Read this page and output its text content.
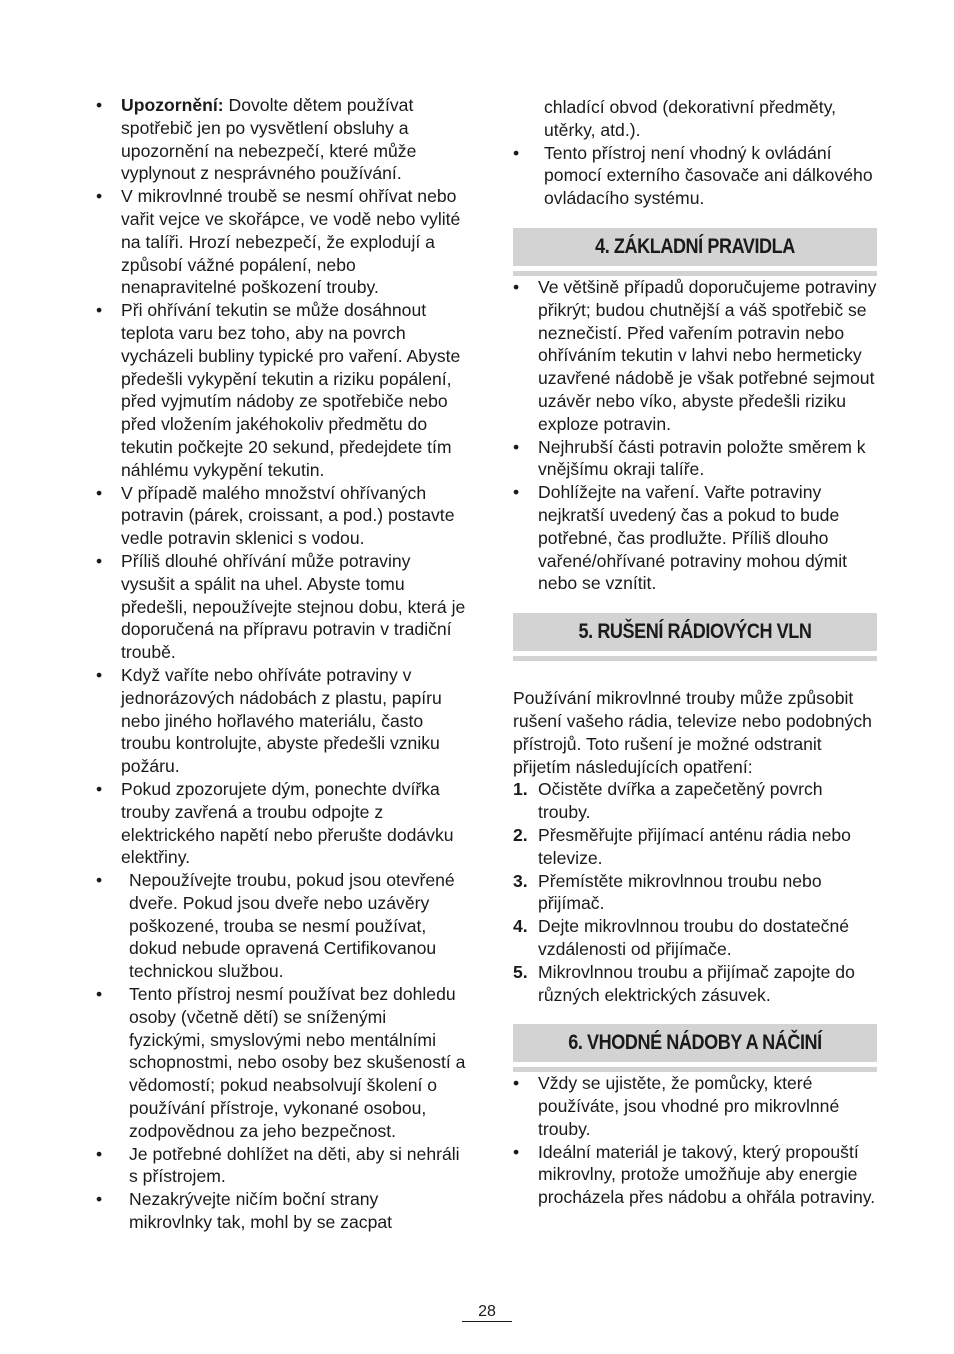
• Upozornění: Dovolte dětem používat spotřebič jen po vysvětlení obsluhy a upozornění na nebezpečí, které může vyplynout z nesprávného používání.
• V mikrovlnné troubě se nesmí ohřívat nebo vařit vejce ve skořápce, ve vodě nebo vylité na talíři. Hrozí nebezpečí, že explodují a způsobí vážné popálení, nebo nenapravitelné poškození trouby.
• Při ohřívání tekutin se může dosáhnout teplota varu bez toho, aby na povrch vycházeli bubliny typické pro vaření. Abyste předešli vykypění tekutin a riziku popálení, před vyjmutím nádoby ze spotřebiče nebo před vložením jakéhokoliv předmětu do tekutin počkejte 20 sekund, předejdete tím náhlému vykypění tekutin.
• V případě malého množství ohřívaných potravin (párek, croissant, a pod.) postavte vedle potravin sklenici s vodou.
• Příliš dlouhé ohřívání může potraviny vysušit a spálit na uhel. Abyste tomu předešli, nepoužívejte stejnou dobu, která je doporučená na přípravu potravin v tradiční troubě.
• Když vaříte nebo ohříváte potraviny v jednorázových nádobách z plastu, papíru nebo jiného hořlavého materiálu, často troubu kontrolujte, abyste předešli vzniku požáru.
• Pokud zpozorujete dým, ponechte dvířka trouby zavřená a troubu odpojte z elektrického napětí nebo přerušte dodávku elektřiny.
• Nepoužívejte troubu, pokud jsou otevřené dveře. Pokud jsou dveře nebo uzávěry poškozené, trouba se nesmí používat, dokud nebude opravená Certifikovanou technickou službou.
• Tento přístroj nesmí používat bez dohledu osoby (včetně dětí) se sníženými fyzickými, smyslovými nebo mentálními schopnostmi, nebo osoby bez skušeností a vědomostí; pokud neabsolvují školení o používání přístroje, vykonané osobou, zodpovědnou za jeho bezpečnost.
• Je potřebné dohlížet na děti, aby si nehráli s přístrojem.
• Nezakrývejte ničím boční strany mikrovlnky tak, mohl by se zacpat
chladící obvod (dekorativní předměty, utěrky, atd.).
• Tento přístroj není vhodný k ovládání pomocí externího časovače ani dálkového ovládacího systému.
4. ZÁKLADNÍ PRAVIDLA
• Ve většině případů doporučujeme potraviny přikrýt; budou chutnější a váš spotřebič se neznečistí. Před vařením potravin nebo ohříváním tekutin v lahvi nebo hermeticky uzavřené nádobě je však potřebné sejmout uzávěr nebo víko, abyste předešli riziku exploze potravin.
• Nejhrubší části potravin položte směrem k vnějšímu okraji talíře.
• Dohlížejte na vaření. Vařte potraviny nejkratší uvedený čas a pokud to bude potřebné, čas prodlužte. Příliš dlouho vařené/ohřívané potraviny mohou dýmit nebo se vznítit.
5. RUŠENÍ RÁDIOVÝCH VLN
Používání mikrovlnné trouby může způsobit rušení vašeho rádia, televize nebo podobných přístrojů. Toto rušení je možné odstranit přijetím následujících opatření:
1. Očistěte dvířka a zapečetěný povrch trouby.
2. Přesměřujte přijímací anténu rádia nebo televize.
3. Přemístěte mikrovlnnou troubu nebo přijímač.
4. Dejte mikrovlnnou troubu do dostatečné vzdálenosti od přijímače.
5. Mikrovlnnou troubu a přijímač zapojte do různých elektrických zásuvek.
6. VHODNÉ NÁDOBY A NÁČINÍ
• Vždy se ujistěte, že pomůcky, které používáte, jsou vhodné pro mikrovlnné trouby.
• Ideální materiál je takový, který propouští mikrovlny, protože umožňuje aby energie procházela přes nádobu a ohřála potraviny.
28
